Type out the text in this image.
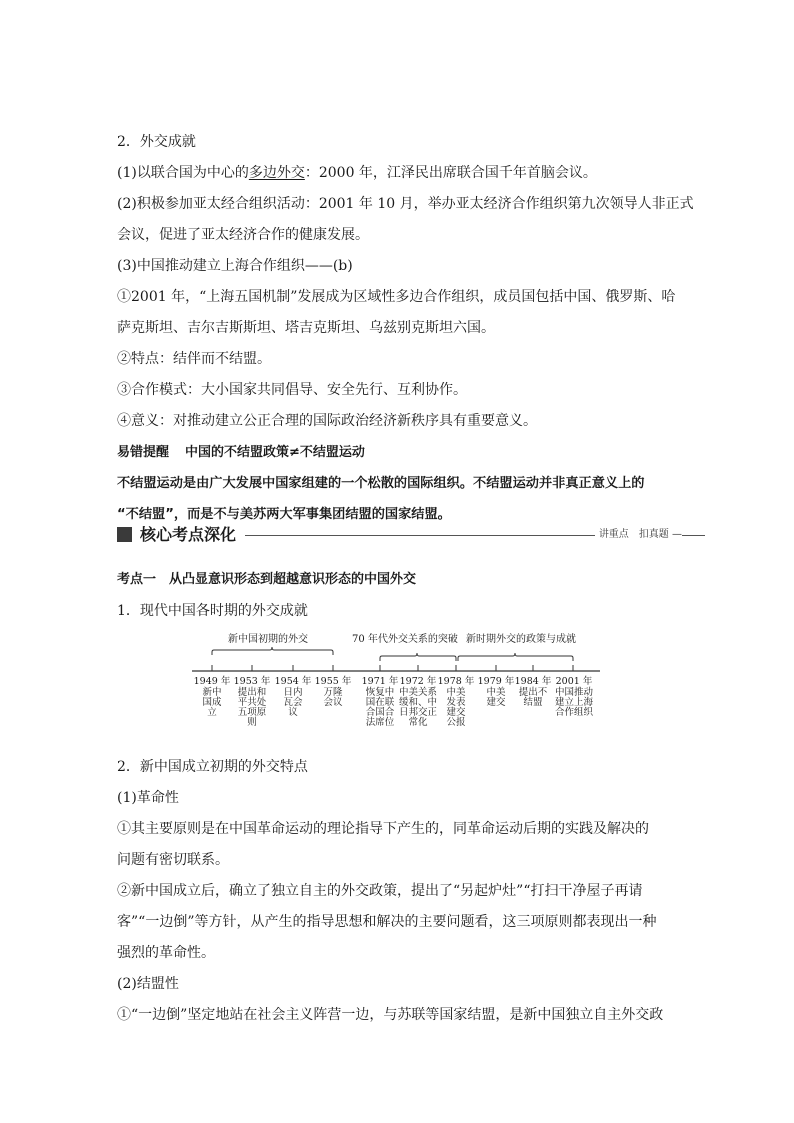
2．外交成就
(1)以联合国为中心的多边外交：2000 年，江泽民出席联合国千年首脑会议。
(2)积极参加亚太经合组织活动：2001 年 10 月，举办亚太经济合作组织第九次领导人非正式
会议，促进了亚太经济合作的健康发展。
(3)中国推动建立上海合作组织——(b)
①2001 年，“上海五国机制”发展成为区域性多边合作组织，成员国包括中国、俄罗斯、哈
萨克斯坦、吉尔吉斯斯坦、塔吉克斯坦、乌兹别克斯坦六国。
②特点：结伴而不结盟。
③合作模式：大小国家共同倡导、安全先行、互利协作。
④意义：对推动建立公正合理的国际政治经济新秩序具有重要意义。
易错提醒 中国的不结盟政策≠不结盟运动
不结盟运动是由广大发展中国家组建的一个松散的国际组织。不结盟运动并非真正意义上的
“不结盟”，而是不与美苏两大军事集团结盟的国家结盟。
核心考点深化	讲重点　扣真题 —
考点一　从凸显意识形态到超越意识形态的中国外交
1．现代中国各时期的外交成就
新中国初期的外交	70 年代外交关系的突破 新时期外交的政策与成就
1949 年
新中国成立
1953 年
提出和平共处五项原则
1954 年
日内瓦会议
1955 年
万隆会议
1971 年
恢复中国在联合国合法席位
1972 年
中美关系缓和、中日邦交正常化
1978 年
中美发表建交公报
1979 年
中美建交
1984 年
提出不结盟
2001 年
中国推动建立上海合作组织
2．新中国成立初期的外交特点
(1)革命性
①其主要原则是在中国革命运动的理论指导下产生的，同革命运动后期的实践及解决的
问题有密切联系。
②新中国成立后，确立了独立自主的外交政策，提出了“另起炉灶”“打扫干净屋子再请
客”“一边倒”等方针，从产生的指导思想和解决的主要问题看，这三项原则都表现出一种
强烈的革命性。
(2)结盟性
①“一边倒”坚定地站在社会主义阵营一边，与苏联等国家结盟，是新中国独立自主外交政
